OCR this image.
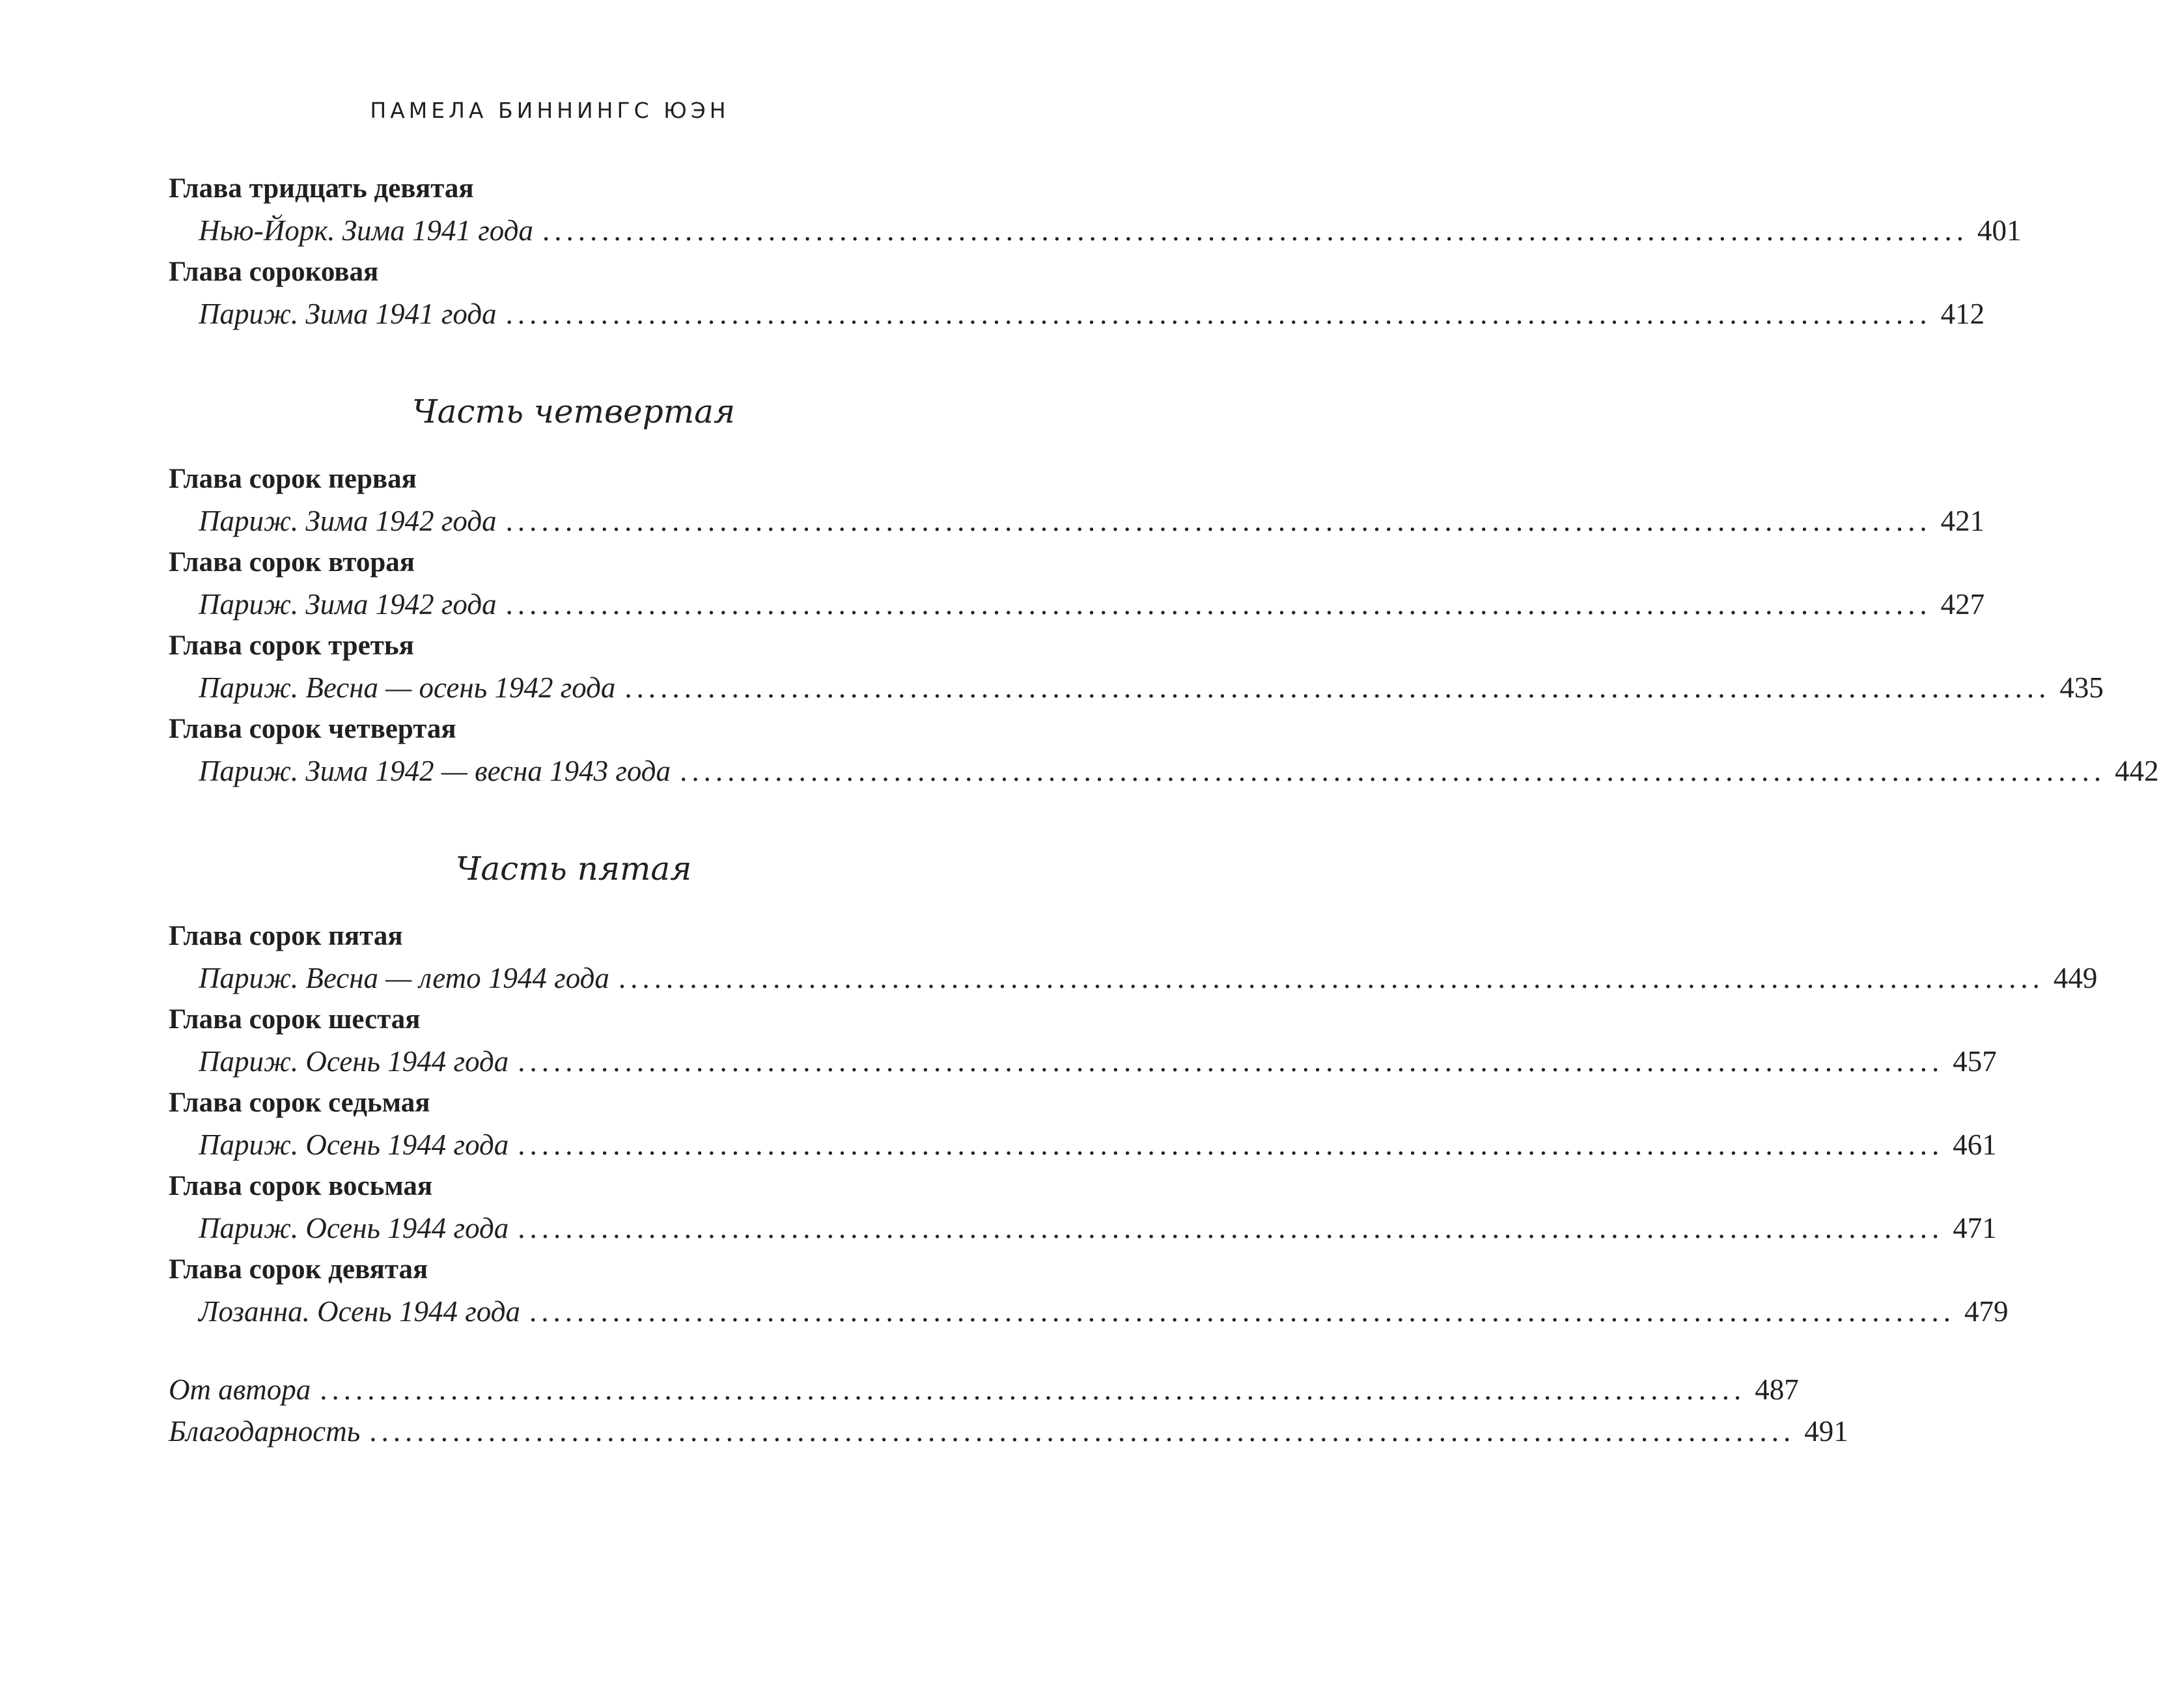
ПАМЕЛА БИННИНГС ЮЭН
Глава тридцать девятая
Нью-Йорк. Зима 1941 года ........................................................................................................................ 401
Глава сороковая
Париж. Зима 1941 года ........................................................................................................................ 412
Часть четвертая
Глава сорок первая
Париж. Зима 1942 года ........................................................................................................................ 421
Глава сорок вторая
Париж. Зима 1942 года ........................................................................................................................ 427
Глава сорок третья
Париж. Весна — осень 1942 года ........................................................................................................................ 435
Глава сорок четвертая
Париж. Зима 1942 — весна 1943 года ........................................................................................................................ 442
Часть пятая
Глава сорок пятая
Париж. Весна — лето 1944 года ........................................................................................................................ 449
Глава сорок шестая
Париж. Осень 1944 года ........................................................................................................................ 457
Глава сорок седьмая
Париж. Осень 1944 года ........................................................................................................................ 461
Глава сорок восьмая
Париж. Осень 1944 года ........................................................................................................................ 471
Глава сорок девятая
Лозанна. Осень 1944 года ........................................................................................................................ 479
От автора ........................................................................................................................ 487
Благодарность ........................................................................................................................ 491
